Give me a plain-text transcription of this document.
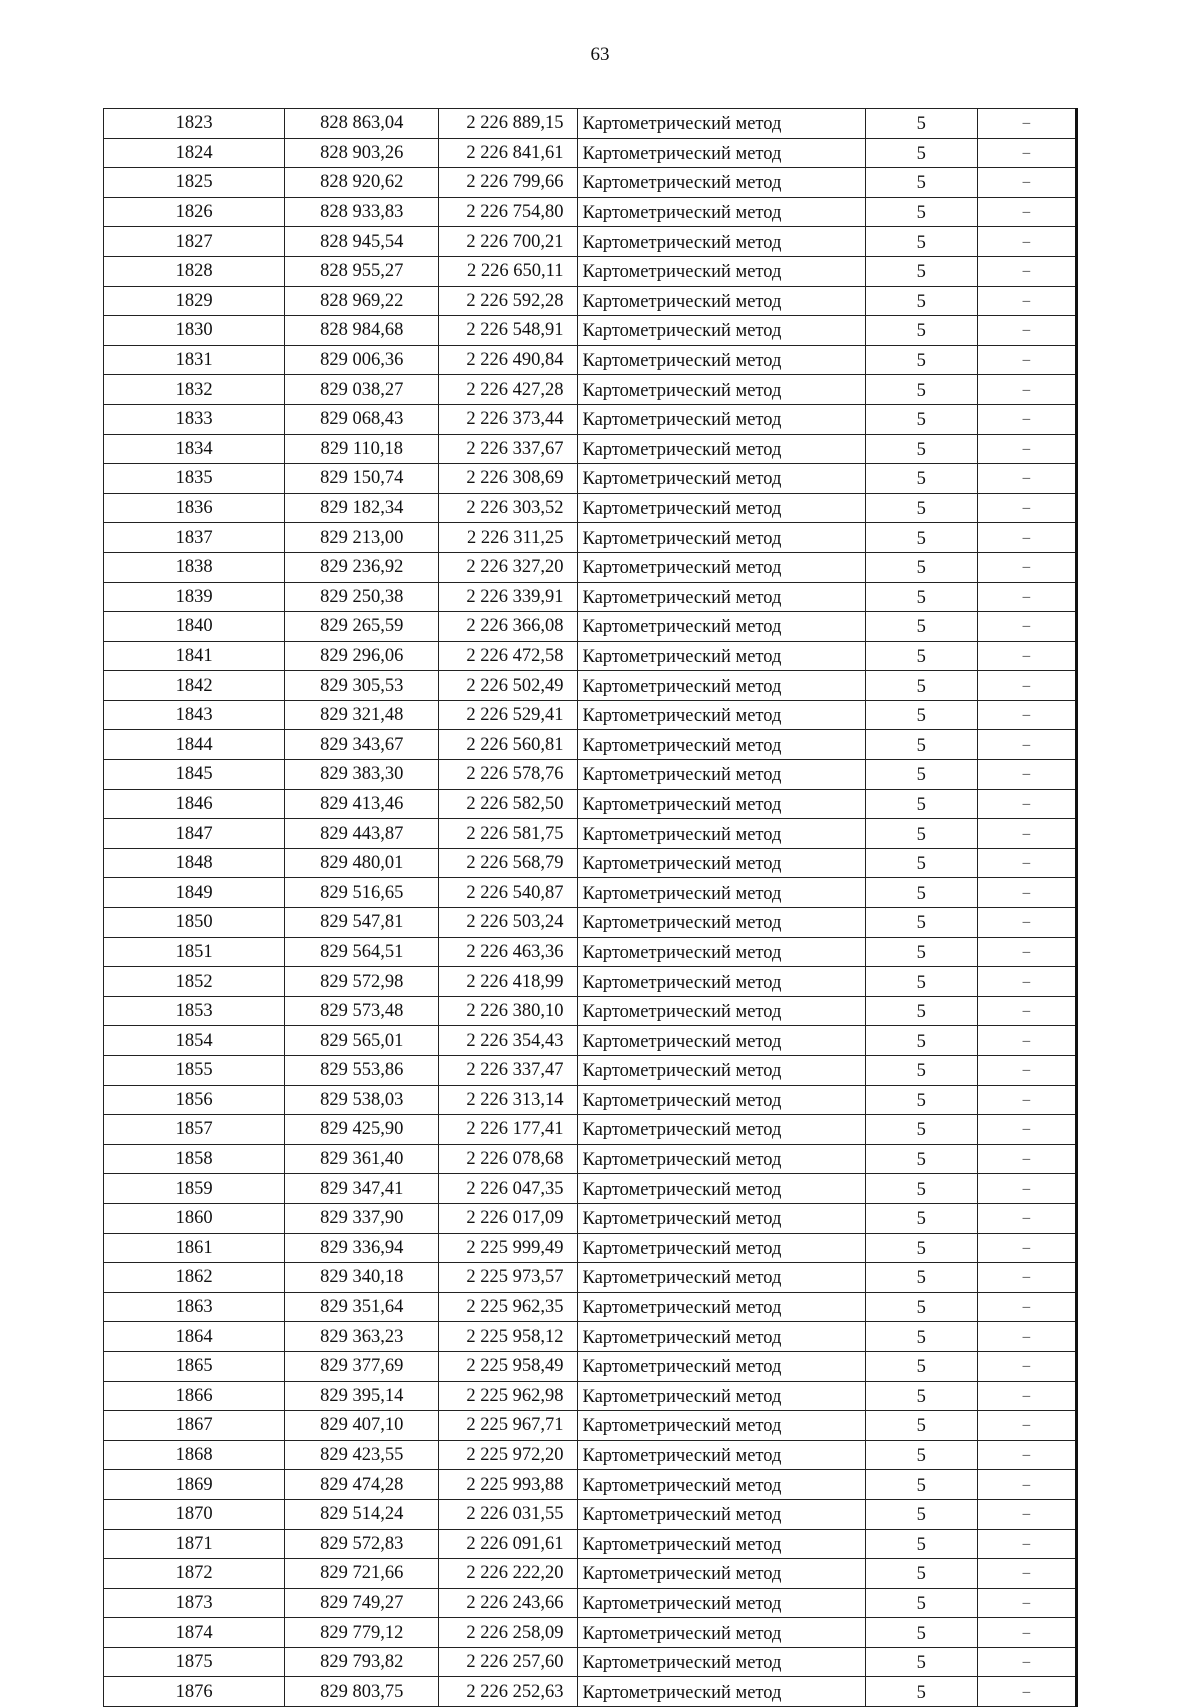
63
1823	828 863,04	2 226 889,15	Картометрический метод	5	–
1824	828 903,26	2 226 841,61	Картометрический метод	5	–
1825	828 920,62	2 226 799,66	Картометрический метод	5	–
1826	828 933,83	2 226 754,80	Картометрический метод	5	–
1827	828 945,54	2 226 700,21	Картометрический метод	5	–
1828	828 955,27	2 226 650,11	Картометрический метод	5	–
1829	828 969,22	2 226 592,28	Картометрический метод	5	–
1830	828 984,68	2 226 548,91	Картометрический метод	5	–
1831	829 006,36	2 226 490,84	Картометрический метод	5	–
1832	829 038,27	2 226 427,28	Картометрический метод	5	–
1833	829 068,43	2 226 373,44	Картометрический метод	5	–
1834	829 110,18	2 226 337,67	Картометрический метод	5	–
1835	829 150,74	2 226 308,69	Картометрический метод	5	–
1836	829 182,34	2 226 303,52	Картометрический метод	5	–
1837	829 213,00	2 226 311,25	Картометрический метод	5	–
1838	829 236,92	2 226 327,20	Картометрический метод	5	–
1839	829 250,38	2 226 339,91	Картометрический метод	5	–
1840	829 265,59	2 226 366,08	Картометрический метод	5	–
1841	829 296,06	2 226 472,58	Картометрический метод	5	–
1842	829 305,53	2 226 502,49	Картометрический метод	5	–
1843	829 321,48	2 226 529,41	Картометрический метод	5	–
1844	829 343,67	2 226 560,81	Картометрический метод	5	–
1845	829 383,30	2 226 578,76	Картометрический метод	5	–
1846	829 413,46	2 226 582,50	Картометрический метод	5	–
1847	829 443,87	2 226 581,75	Картометрический метод	5	–
1848	829 480,01	2 226 568,79	Картометрический метод	5	–
1849	829 516,65	2 226 540,87	Картометрический метод	5	–
1850	829 547,81	2 226 503,24	Картометрический метод	5	–
1851	829 564,51	2 226 463,36	Картометрический метод	5	–
1852	829 572,98	2 226 418,99	Картометрический метод	5	–
1853	829 573,48	2 226 380,10	Картометрический метод	5	–
1854	829 565,01	2 226 354,43	Картометрический метод	5	–
1855	829 553,86	2 226 337,47	Картометрический метод	5	–
1856	829 538,03	2 226 313,14	Картометрический метод	5	–
1857	829 425,90	2 226 177,41	Картометрический метод	5	–
1858	829 361,40	2 226 078,68	Картометрический метод	5	–
1859	829 347,41	2 226 047,35	Картометрический метод	5	–
1860	829 337,90	2 226 017,09	Картометрический метод	5	–
1861	829 336,94	2 225 999,49	Картометрический метод	5	–
1862	829 340,18	2 225 973,57	Картометрический метод	5	–
1863	829 351,64	2 225 962,35	Картометрический метод	5	–
1864	829 363,23	2 225 958,12	Картометрический метод	5	–
1865	829 377,69	2 225 958,49	Картометрический метод	5	–
1866	829 395,14	2 225 962,98	Картометрический метод	5	–
1867	829 407,10	2 225 967,71	Картометрический метод	5	–
1868	829 423,55	2 225 972,20	Картометрический метод	5	–
1869	829 474,28	2 225 993,88	Картометрический метод	5	–
1870	829 514,24	2 226 031,55	Картометрический метод	5	–
1871	829 572,83	2 226 091,61	Картометрический метод	5	–
1872	829 721,66	2 226 222,20	Картометрический метод	5	–
1873	829 749,27	2 226 243,66	Картометрический метод	5	–
1874	829 779,12	2 226 258,09	Картометрический метод	5	–
1875	829 793,82	2 226 257,60	Картометрический метод	5	–
1876	829 803,75	2 226 252,63	Картометрический метод	5	–
